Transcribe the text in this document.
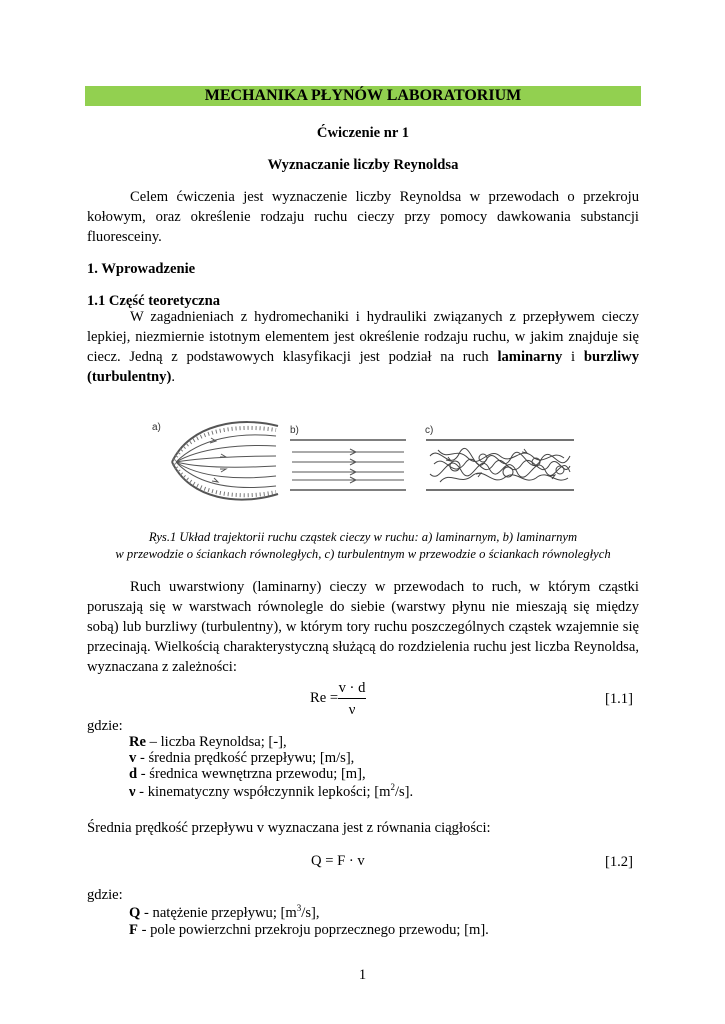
MECHANIKA PŁYNÓW LABORATORIUM
Ćwiczenie nr 1
Wyznaczanie liczby Reynoldsa
Celem ćwiczenia jest wyznaczenie liczby Reynoldsa w przewodach o przekroju kołowym, oraz określenie rodzaju ruchu cieczy przy pomocy dawkowania substancji fluoresceiny.
1. Wprowadzenie
1.1 Część teoretyczna
W zagadnieniach z hydromechaniki i hydrauliki związanych z przepływem cieczy lepkiej, niezmiernie istotnym elementem jest określenie rodzaju ruchu, w jakim znajduje się ciecz. Jedną z podstawowych klasyfikacji jest podział na ruch laminarny i burzliwy (turbulentny).
a)	b)	c)
Rys.1 Układ trajektorii ruchu cząstek cieczy w ruchu: a) laminarnym, b) laminarnym
w przewodzie o ściankach równoległych, c) turbulentnym w przewodzie o ściankach równoległych
Ruch uwarstwiony (laminarny) cieczy w przewodach to ruch, w którym cząstki poruszają się w warstwach równolegle do siebie (warstwy płynu nie mieszają się między sobą) lub burzliwy (turbulentny), w którym tory ruchu poszczególnych cząstek wzajemnie się przecinają. Wielkością charakterystyczną służącą do rozdzielenia ruchu jest liczba Reynoldsa, wyznaczana z zależności:
Re =
v · d
ν
[1.1]
gdzie:
Re – liczba Reynoldsa; [-],
v - średnia prędkość przepływu; [m/s],
d - średnica wewnętrzna przewodu; [m],
ν - kinematyczny współczynnik lepkości; $[m^2/s]$.
Średnia prędkość przepływu v wyznaczana jest z równania ciągłości:
Q = F · v	[1.2]
gdzie:
Q - natężenie przepływu; $[m^3/s]$,
F - pole powierzchni przekroju poprzecznego przewodu; [m].
1
